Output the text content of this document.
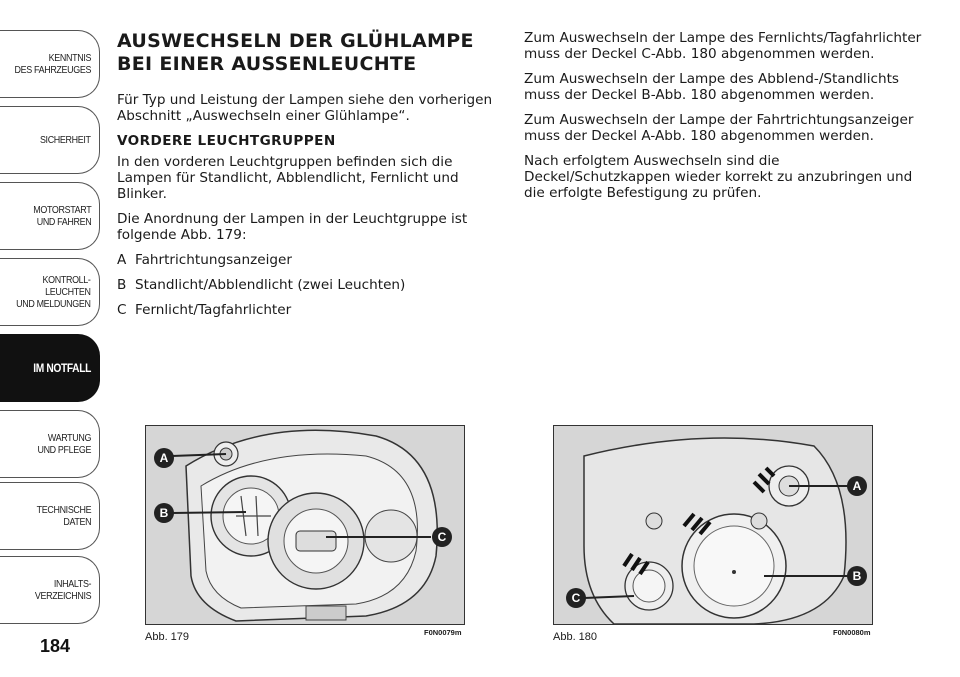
KENNTNIS
DES FAHRZEUGES
SICHERHEIT
MOTORSTART
UND FAHREN
KONTROLL-
LEUCHTEN
UND MELDUNGEN
IM NOTFALL
WARTUNG
UND PFLEGE
TECHNISCHE
DATEN
INHALTS-
VERZEICHNIS
184
AUSWECHSELN DER GLÜHLAMPE
BEI EINER AUSSENLEUCHTE

Für Typ und Leistung der Lampen siehe den vorherigen Abschnitt „Auswechseln einer Glühlampe“.

VORDERE LEUCHTGRUPPEN

In den vorderen Leuchtgruppen befinden sich die Lampen für Standlicht, Abblendlicht, Fernlicht und Blinker.

Die Anordnung der Lampen in der Leuchtgruppe ist folgende Abb. 179:

A Fahrtrichtungsanzeiger
B Standlicht/Abblendlicht (zwei Leuchten)
C Fernlicht/Tagfahrlichter

Zum Auswechseln der Lampe des Fernlichts/Tagfahrlichter muss der Deckel C-Abb. 180 abgenommen werden.

Zum Auswechseln der Lampe des Abblend-/Standlichts muss der Deckel B-Abb. 180 abgenommen werden.

Zum Auswechseln der Lampe der Fahrtrichtungsanzeiger muss der Deckel A-Abb. 180 abgenommen werden.

Nach erfolgtem Auswechseln sind die Deckel/Schutzkappen wieder korrekt zu anzubringen und die erfolgte Befestigung zu prüfen.

A
B
C
Abb. 179	F0N0079m
A
B
C
Abb. 180	F0N0080m
